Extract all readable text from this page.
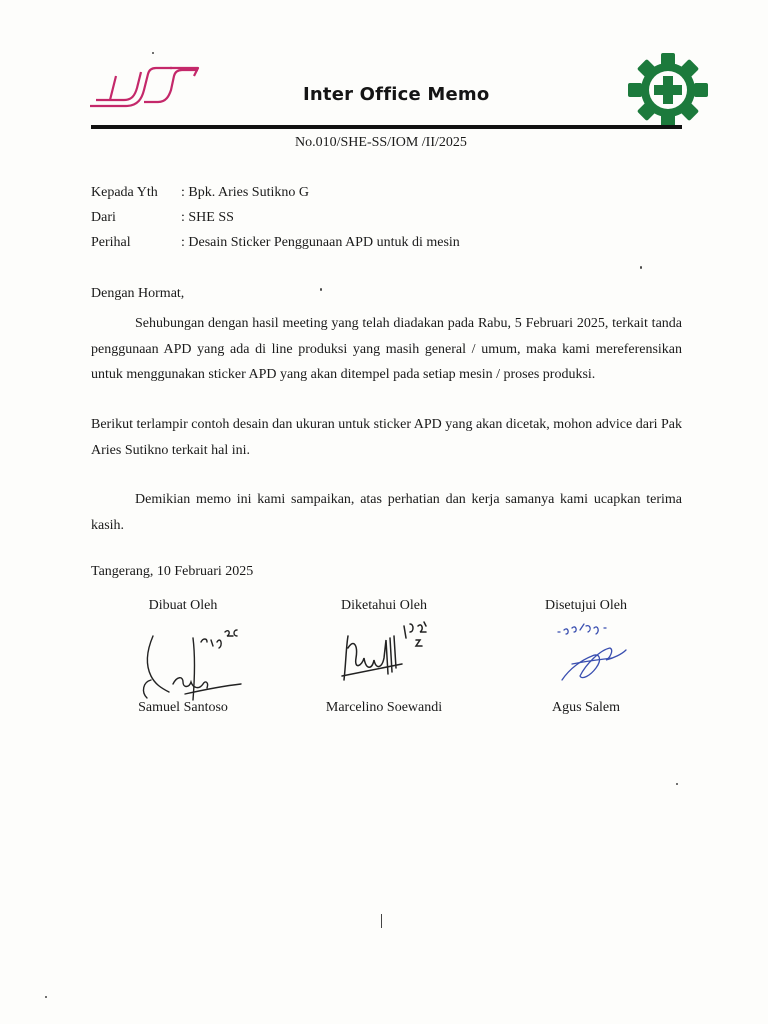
Inter Office Memo
No.010/SHE-SS/IOM /II/2025
Kepada Yth : Bpk. Aries Sutikno G
Dari	: SHE SS
Perihal	: Desain Sticker Penggunaan APD untuk di mesin
Dengan Hormat,
Sehubungan dengan hasil meeting yang telah diadakan pada Rabu, 5 Februari 2025, terkait tanda penggunaan APD yang ada di line produksi yang masih general / umum, maka kami mereferensikan untuk menggunakan sticker APD yang akan ditempel pada setiap mesin / proses produksi.
Berikut terlampir contoh desain dan ukuran untuk sticker APD yang akan dicetak, mohon advice dari Pak Aries Sutikno terkait hal ini.
Demikian memo ini kami sampaikan, atas perhatian dan kerja samanya kami ucapkan terima kasih.
Tangerang, 10 Februari 2025
Dibuat Oleh
Samuel Santoso
Diketahui Oleh
Marcelino Soewandi
Disetujui Oleh
Agus Salem
